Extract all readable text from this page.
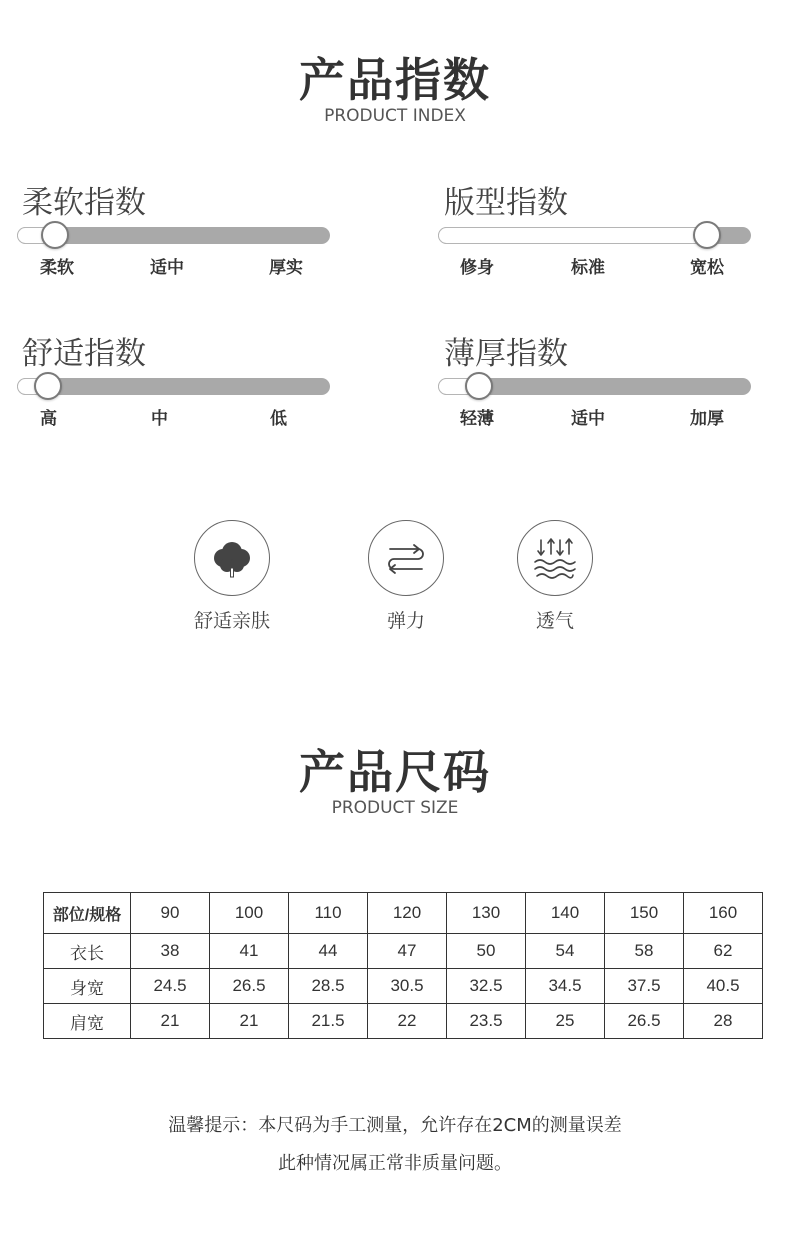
产品指数
PRODUCT INDEX
柔软指数
柔软	适中	厚实
版型指数
修身	标准	宽松
舒适指数
高	中	低
薄厚指数
轻薄	适中	加厚
舒适亲肤	弹力	透气
产品尺码
PRODUCT SIZE
部位/规格	90	100	110	120	130	140	150	160
衣长	38	41	44	47	50	54	58	62
身宽	24.5	26.5	28.5	30.5	32.5	34.5	37.5	40.5
肩宽	21	21	21.5	22	23.5	25	26.5	28
温馨提示：本尺码为手工测量，允许存在2CM的测量误差
此种情况属正常非质量问题。
